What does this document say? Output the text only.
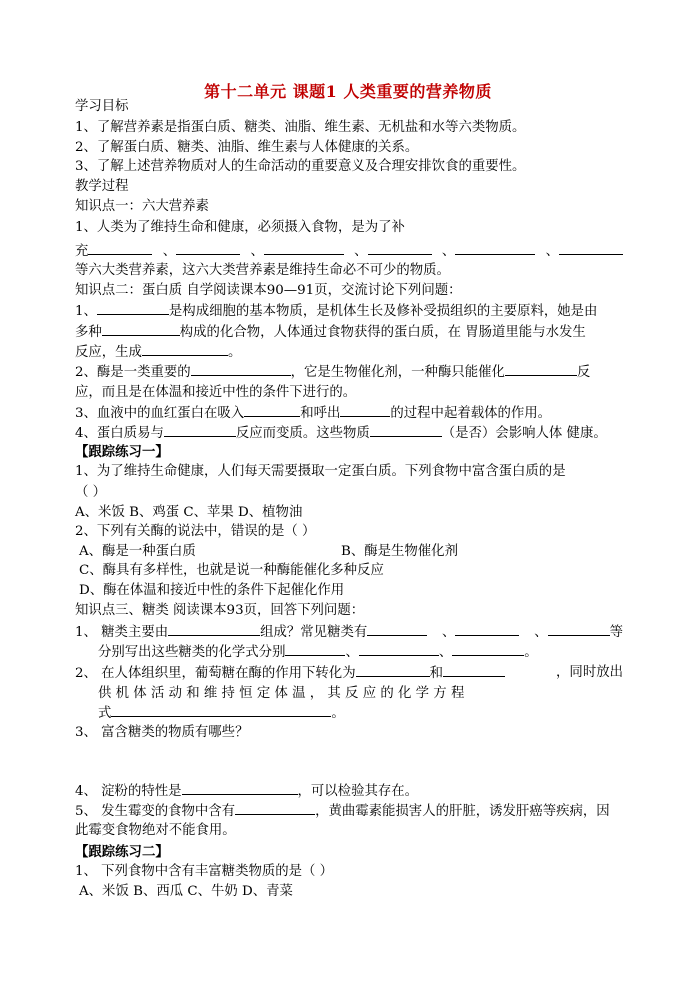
第十二单元 课题1 人类重要的营养物质
学习目标
1、了解营养素是指蛋白质、糖类、油脂、维生素、无机盐和水等六类物质。
2、了解蛋白质、糖类、油脂、维生素与人体健康的关系。
3、了解上述营养物质对人的生命活动的重要意义及合理安排饮食的重要性。
教学过程
知识点一：六大营养素
1、人类为了维持生命和健康，必须摄入食物，是为了补
充	、	、	、	、	、
等六大类营养素，这六大类营养素是维持生命必不可少的物质。
知识点二：蛋白质 自学阅读课本90—91页，交流讨论下列问题：
1、	是构成细胞的基本物质，是机体生长及修补受损组织的主要原料，她是由
多种	构成的化合物，人体通过食物获得的蛋白质，在 胃肠道里能与水发生
反应，生成	。
2、酶是一类重要的	，它是生物催化剂，一种酶只能催化	反
应，而且是在体温和接近中性的条件下进行的。
3、血液中的血红蛋白在吸入	和呼出	的过程中起着载体的作用。
4、蛋白质易与	反应而变质。这些物质	（是否）会影响人体 健康。
【跟踪练习一】
1、为了维持生命健康，人们每天需要摄取一定蛋白质。下列食物中富含蛋白质的是
（ ）
A、米饭 B、鸡蛋 C、苹果 D、植物油
2、下列有关酶的说法中，错误的是（ ）
A、酶是一种蛋白质	B、酶是生物催化剂
C、酶具有多样性，也就是说一种酶能催化多种反应
D、酶在体温和接近中性的条件下起催化作用
知识点三、糖类 阅读课本93页，回答下列问题：
1、 糖类主要由	组成？常见糖类有	、	、	等
分别写出这些糖类的化学式分别	、	、	。
2、 在人体组织里，葡萄糖在酶的作用下转化为	和	，同时放出
供 机 体 活 动 和 维 持 恒 定 体 温 ， 其 反 应 的 化 学 方 程
式	。
3、 富含糖类的物质有哪些？
4、 淀粉的特性是	，可以检验其存在。
5、 发生霉变的食物中含有	，黄曲霉素能损害人的肝脏，诱发肝癌等疾病，因
此霉变食物绝对不能食用。
【跟踪练习二】
1、 下列食物中含有丰富糖类物质的是（ ）
A、米饭 B、西瓜 C、牛奶 D、青菜
